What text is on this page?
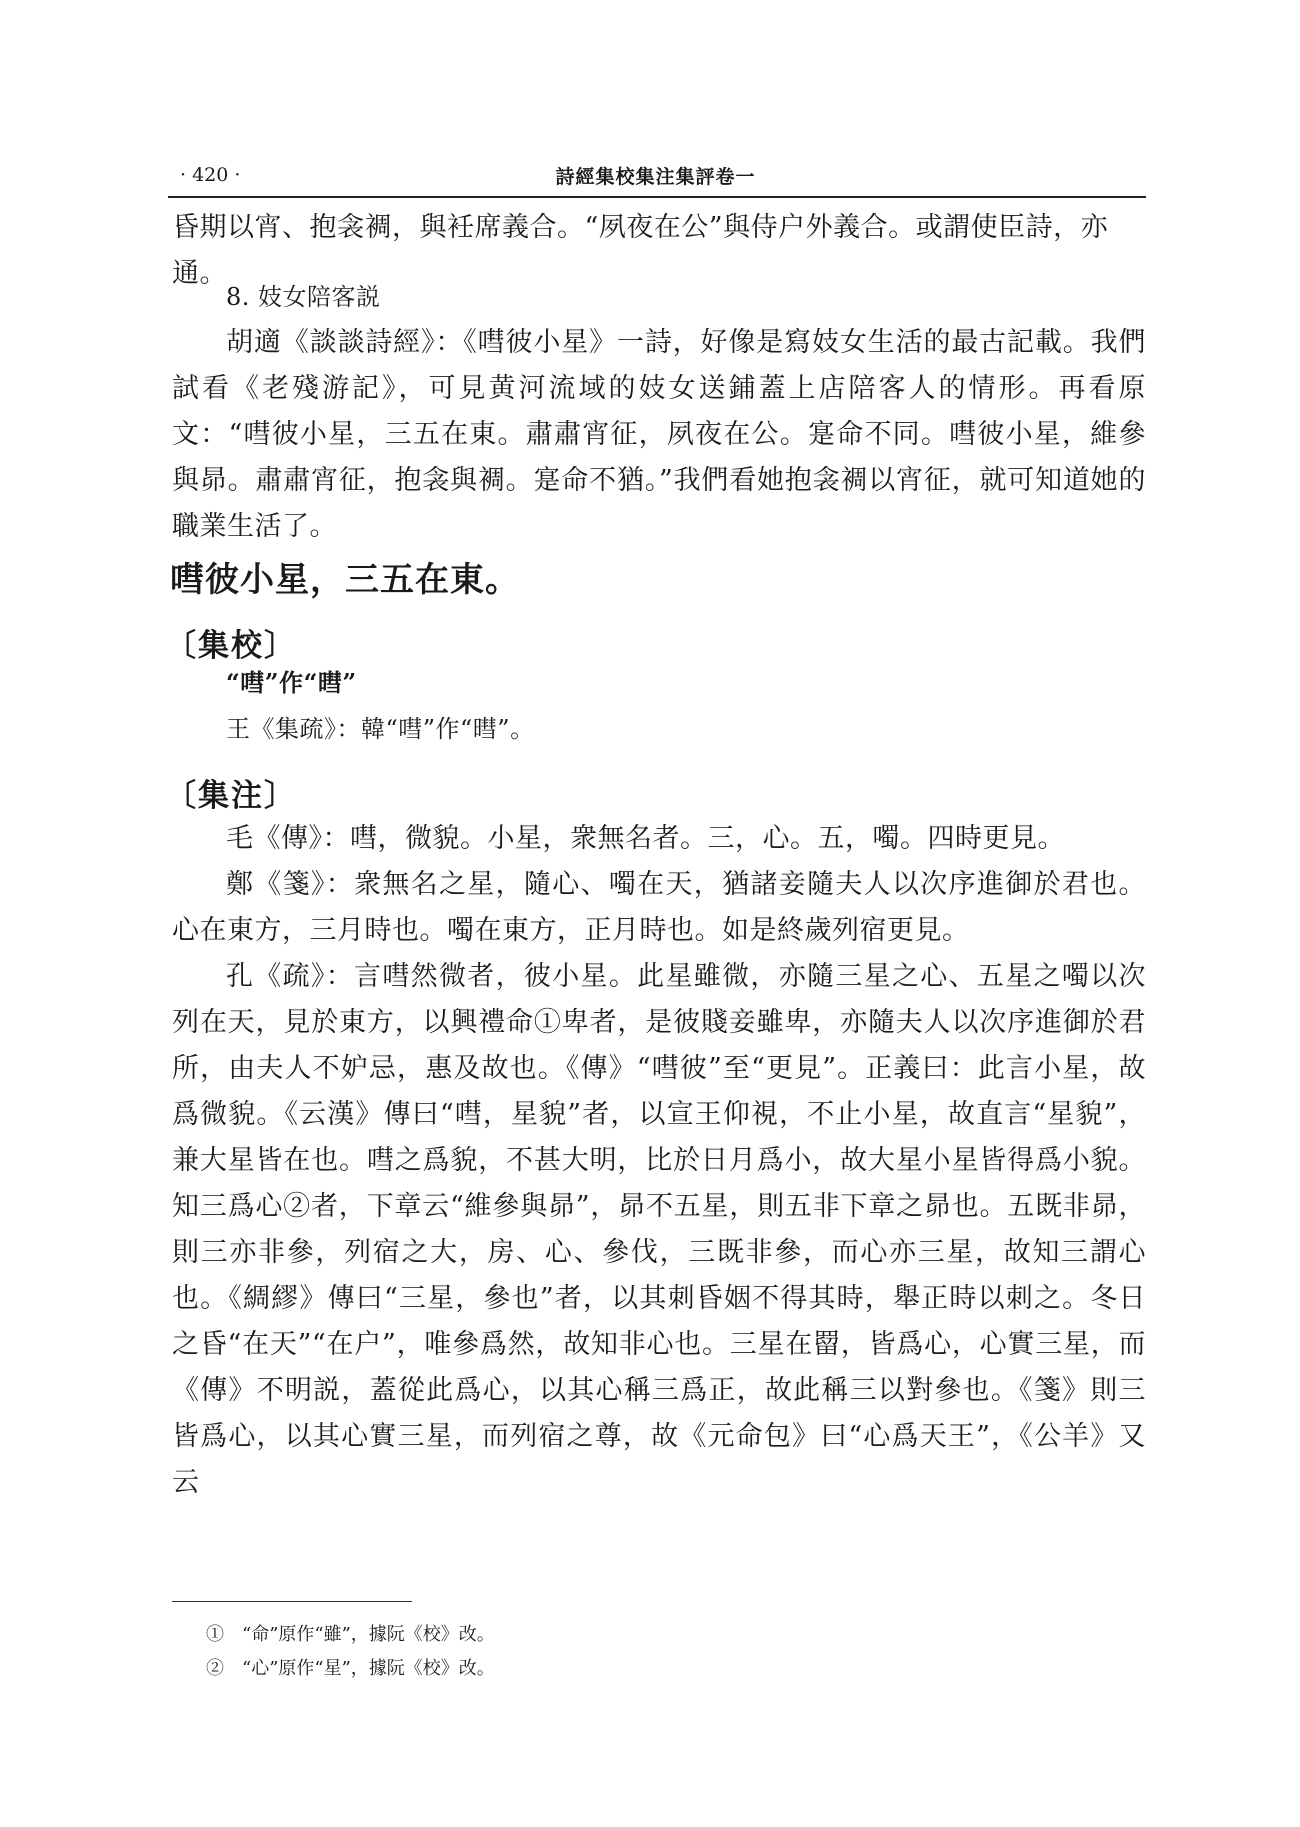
· 420 ·	詩經集校集注集評卷一

昏期以宵、抱衾裯，與衽席義合。“夙夜在公”與侍户外義合。或謂使臣詩，亦通。

8. 妓女陪客説

胡適《談談詩經》：《嘒彼小星》一詩，好像是寫妓女生活的最古記載。我們試看《老殘游記》，可見黄河流域的妓女送鋪蓋上店陪客人的情形。再看原文：“嘒彼小星，三五在東。肅肅宵征，夙夜在公。寔命不同。嘒彼小星，維參與昴。肅肅宵征，抱衾與裯。寔命不猶。”我們看她抱衾裯以宵征，就可知道她的職業生活了。

嘒彼小星，三五在東。
〔集校〕

“嘒”作“暳”

王《集疏》：韓“嘒”作“暳”。

〔集注〕

毛《傳》：嘒，微貌。小星，衆無名者。三，心。五，噣。四時更見。

鄭《箋》：衆無名之星，隨心、噣在天，猶諸妾隨夫人以次序進御於君也。心在東方，三月時也。噣在東方，正月時也。如是終歲列宿更見。

孔《疏》：言嘒然微者，彼小星。此星雖微，亦隨三星之心、五星之噣以次列在天，見於東方，以興禮命①卑者，是彼賤妾雖卑，亦隨夫人以次序進御於君所，由夫人不妒忌，惠及故也。《傳》“嘒彼”至“更見”。正義曰：此言小星，故爲微貌。《云漢》傳曰“嘒，星貌”者，以宣王仰視，不止小星，故直言“星貌”，兼大星皆在也。嘒之爲貌，不甚大明，比於日月爲小，故大星小星皆得爲小貌。知三爲心②者，下章云“維參與昴”，昴不五星，則五非下章之昴也。五既非昴，則三亦非參，列宿之大，房、心、參伐，三既非參，而心亦三星，故知三謂心也。《綢繆》傳曰“三星，參也”者，以其刺昏姻不得其時，舉正時以刺之。冬日之昏“在天”“在户”，唯參爲然，故知非心也。三星在罶，皆爲心，心實三星，而《傳》不明説，蓋從此爲心，以其心稱三爲正，故此稱三以對參也。《箋》則三皆爲心，以其心實三星，而列宿之尊，故《元命包》曰“心爲天王”，《公羊》又云

①　“命”原作“雖”，據阮《校》改。
②　“心”原作“星”，據阮《校》改。
